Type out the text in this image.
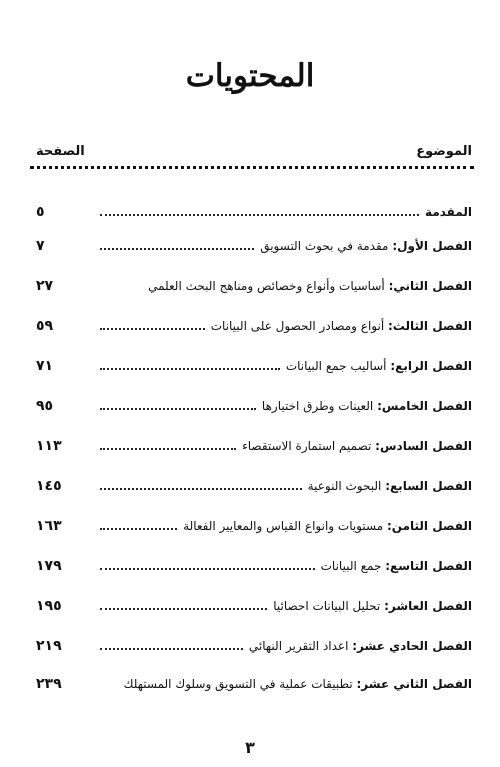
المحتويات
الموضوع
الصفحة
المقدمة
٥
الفصل الأول: مقدمة في بحوث التسويق
٧
الفصل الثاني: أساسيات وأنواع وخصائص ومناهج البحث العلمي
٢٧
الفصل الثالث: أنواع ومصادر الحصول على البيانات
٥٩
الفصل الرابع: أساليب جمع البيانات
٧١
الفصل الخامس: العينات وطرق اختيارها
٩٥
الفصل السادس: تصميم استمارة الاستقصاء
١١٣
الفصل السابع: البحوث النوعية
١٤٥
الفصل الثامن: مستويات وانواع القياس والمعايير الفعالة
١٦٣
الفصل التاسع: جمع البيانات
١٧٩
الفصل العاشر: تحليل البيانات احصائيا
١٩٥
الفصل الحادي عشر: اعداد التقرير النهائي
٢١٩
الفصل الثاني عشر: تطبيقات عملية في التسويق وسلوك المستهلك
٢٣٩
٣
